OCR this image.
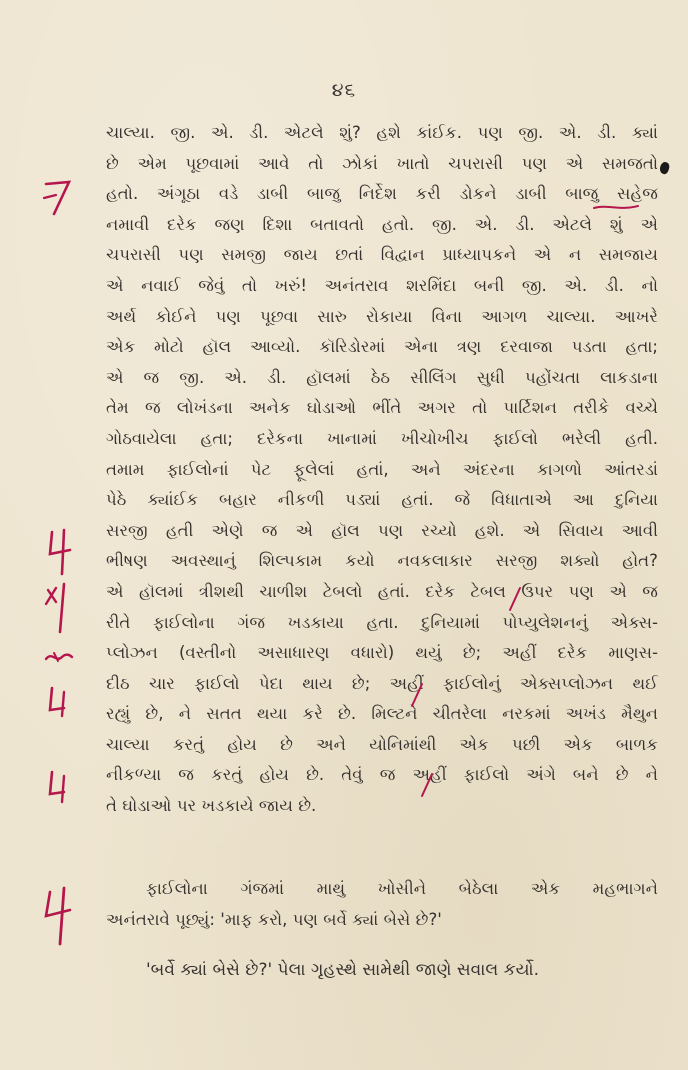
૪૬
ચાલ્યા. જી. એ. ડી. એટલે શું? હશે કાંઈક. પણ જી. એ. ડી. ક્યાં
છે એમ પૂછવામાં આવે તો ઝોકાં ખાતો ચપરાસી પણ એ સમજતો
હતો. અંગૂઠા વડે ડાબી બાજુ નિર્દેશ કરી ડોકને ડાબી બાજુ સહેજ
નમાવી દરેક જણ દિશા બતાવતો હતો. જી. એ. ડી. એટલે શું એ
ચપરાસી પણ સમજી જાય છતાં વિદ્વાન પ્રાધ્યાપકને એ ન સમજાય
એ નવાઈ જેવું તો ખરું! અનંતરાવ શરમિંદા બની જી. એ. ડી. નો
અર્થ કોઈને પણ પૂછવા સારુ રોકાયા વિના આગળ ચાલ્યા. આખરે
એક મોટો હૉલ આવ્યો. કૉરિડોરમાં એના ત્રણ દરવાજા પડતા હતા;
એ જ જી. એ. ડી. હૉલમાં ઠેઠ સીલિંગ સુધી પહોંચતા લાકડાના
તેમ જ લોખંડના અનેક ઘોડાઓ ભીંતે અગર તો પાર્ટિશન તરીકે વચ્ચે
ગોઠવાયેલા હતા; દરેકના ખાનામાં ખીચોખીચ ફાઈલો ભરેલી હતી.
તમામ ફાઈલોનાં પેટ ફૂલેલાં હતાં, અને અંદરના કાગળો આંતરડાં
પેઠે ક્યાંઈક બહાર નીકળી પડ્યાં હતાં. જે વિધાતાએ આ દુનિયા
સરજી હતી એણે જ એ હૉલ પણ રચ્યો હશે. એ સિવાય આવી
ભીષણ અવસ્થાનું શિલ્પકામ કયો નવકલાકાર સરજી શક્યો હોત?
એ હૉલમાં ત્રીશથી ચાળીશ ટેબલો હતાં. દરેક ટેબલ ઉપર પણ એ જ
રીતે ફાઈલોના ગંજ ખડકાયા હતા. દુનિયામાં પોપ્યુલેશનનું એક્સ-
પ્લોઝન (વસ્તીનો અસાધારણ વધારો) થયું છે; અહીં દરેક માણસ-
દીઠ ચાર ફાઈલો પેદા થાય છે; અહીં ફાઈલોનું એક્સપ્લોઝન થઈ
રહ્યું છે, ને સતત થયા કરે છે. મિલ્ટને ચીતરેલા નરકમાં અખંડ મૈથુન
ચાલ્યા કરતું હોય છે અને યોનિમાંથી એક પછી એક બાળક
નીકળ્યા જ કરતું હોય છે. તેવું જ અહીં ફાઈલો અંગે બને છે ને
તે ઘોડાઓ પર ખડકાયે જાય છે.
ફાઈલોના ગંજમાં માથું ખોસીને બેઠેલા એક મહભાગને
અનંતરાવે પૂછ્યું: 'માફ કરો, પણ બર્વે ક્યાં બેસે છે?'
'બર્વે ક્યાં બેસે છે?' પેલા ગૃહસ્થે સામેથી જાણે સવાલ કર્યો.
